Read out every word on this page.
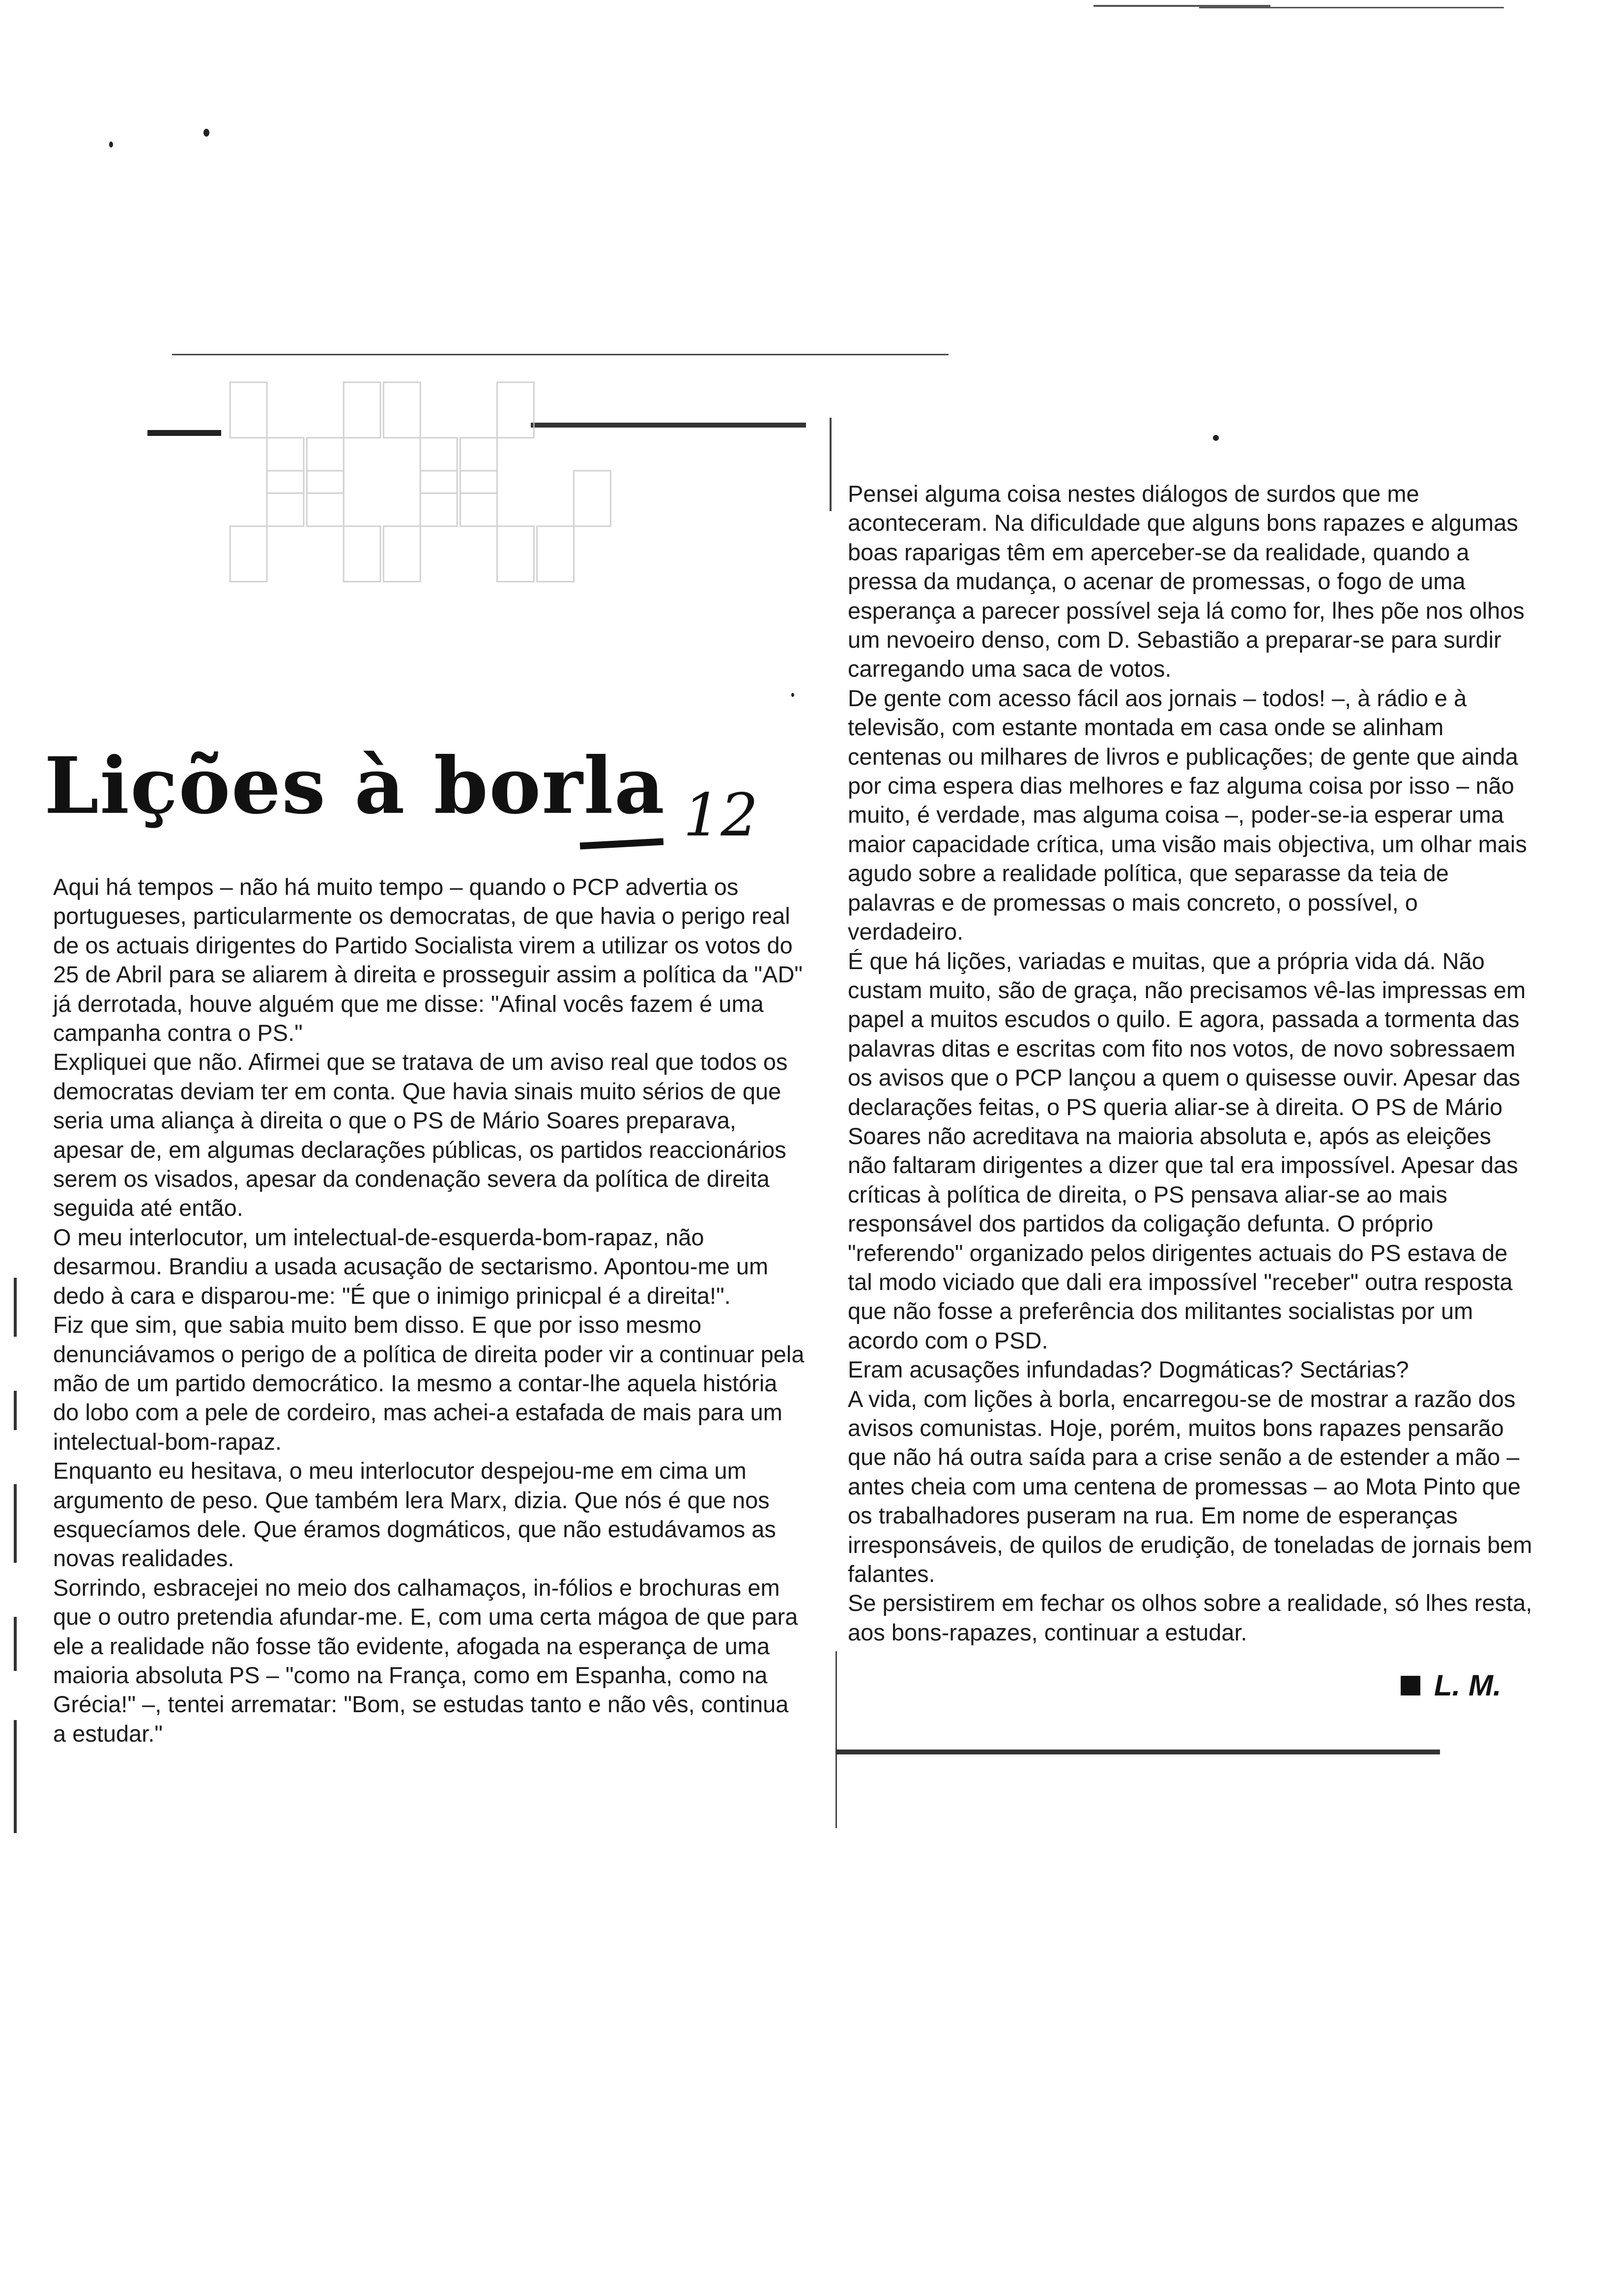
▚▞▚▞
▞▚▞▚▞
Lições à borla 12

Aqui há tempos – não há muito tempo – quando o PCP advertia os portugueses, particularmente os democratas, de que havia o perigo real de os actuais dirigentes do Partido Socialista virem a utilizar os votos do 25 de Abril para se aliarem à direita e prosseguir assim a política da "AD" já derrotada, houve alguém que me disse: "Afinal vocês fazem é uma campanha contra o PS."

Expliquei que não. Afirmei que se tratava de um aviso real que todos os democratas deviam ter em conta. Que havia sinais muito sérios de que seria uma aliança à direita o que o PS de Mário Soares preparava, apesar de, em algumas declarações públicas, os partidos reaccionários serem os visados, apesar da condenação severa da política de direita seguida até então.

O meu interlocutor, um intelectual-de-esquerda-bom-rapaz, não desarmou. Brandiu a usada acusação de sectarismo. Apontou-me um dedo à cara e disparou-me: "É que o inimigo prinicpal é a direita!".

Fiz que sim, que sabia muito bem disso. E que por isso mesmo denunciávamos o perigo de a política de direita poder vir a continuar pela mão de um partido democrático. Ia mesmo a contar-lhe aquela história do lobo com a pele de cordeiro, mas achei-a estafada de mais para um intelectual-bom-rapaz.

Enquanto eu hesitava, o meu interlocutor despejou-me em cima um argumento de peso. Que também lera Marx, dizia. Que nós é que nos esquecíamos dele. Que éramos dogmáticos, que não estudávamos as novas realidades.

Sorrindo, esbracejei no meio dos calhamaços, in-fólios e brochuras em que o outro pretendia afundar-me. E, com uma certa mágoa de que para ele a realidade não fosse tão evidente, afogada na esperança de uma maioria absoluta PS – "como na França, como em Espanha, como na Grécia!" –, tentei arrematar: "Bom, se estudas tanto e não vês, continua a estudar."

Pensei alguma coisa nestes diálogos de surdos que me aconteceram. Na dificuldade que alguns bons rapazes e algumas boas raparigas têm em aperceber-se da realidade, quando a pressa da mudança, o acenar de promessas, o fogo de uma esperança a parecer possível seja lá como for, lhes põe nos olhos um nevoeiro denso, com D. Sebastião a preparar-se para surdir carregando uma saca de votos.

De gente com acesso fácil aos jornais – todos! –, à rádio e à televisão, com estante montada em casa onde se alinham centenas ou milhares de livros e publicações; de gente que ainda por cima espera dias melhores e faz alguma coisa por isso – não muito, é verdade, mas alguma coisa –, poder-se-ia esperar uma maior capacidade crítica, uma visão mais objectiva, um olhar mais agudo sobre a realidade política, que separasse da teia de palavras e de promessas o mais concreto, o possível, o verdadeiro.

É que há lições, variadas e muitas, que a própria vida dá. Não custam muito, são de graça, não precisamos vê-las impressas em papel a muitos escudos o quilo. E agora, passada a tormenta das palavras ditas e escritas com fito nos votos, de novo sobressaem os avisos que o PCP lançou a quem o quisesse ouvir. Apesar das declarações feitas, o PS queria aliar-se à direita. O PS de Mário Soares não acreditava na maioria absoluta e, após as eleições não faltaram dirigentes a dizer que tal era impossível. Apesar das críticas à política de direita, o PS pensava aliar-se ao mais responsável dos partidos da coligação defunta. O próprio "referendo" organizado pelos dirigentes actuais do PS estava de tal modo viciado que dali era impossível "receber" outra resposta que não fosse a preferência dos militantes socialistas por um acordo com o PSD.

Eram acusações infundadas? Dogmáticas? Sectárias?

A vida, com lições à borla, encarregou-se de mostrar a razão dos avisos comunistas. Hoje, porém, muitos bons rapazes pensarão que não há outra saída para a crise senão a de estender a mão – antes cheia com uma centena de promessas – ao Mota Pinto que os trabalhadores puseram na rua. Em nome de esperanças irresponsáveis, de quilos de erudição, de toneladas de jornais bem falantes.

Se persistirem em fechar os olhos sobre a realidade, só lhes resta, aos bons-rapazes, continuar a estudar.

L. M.
